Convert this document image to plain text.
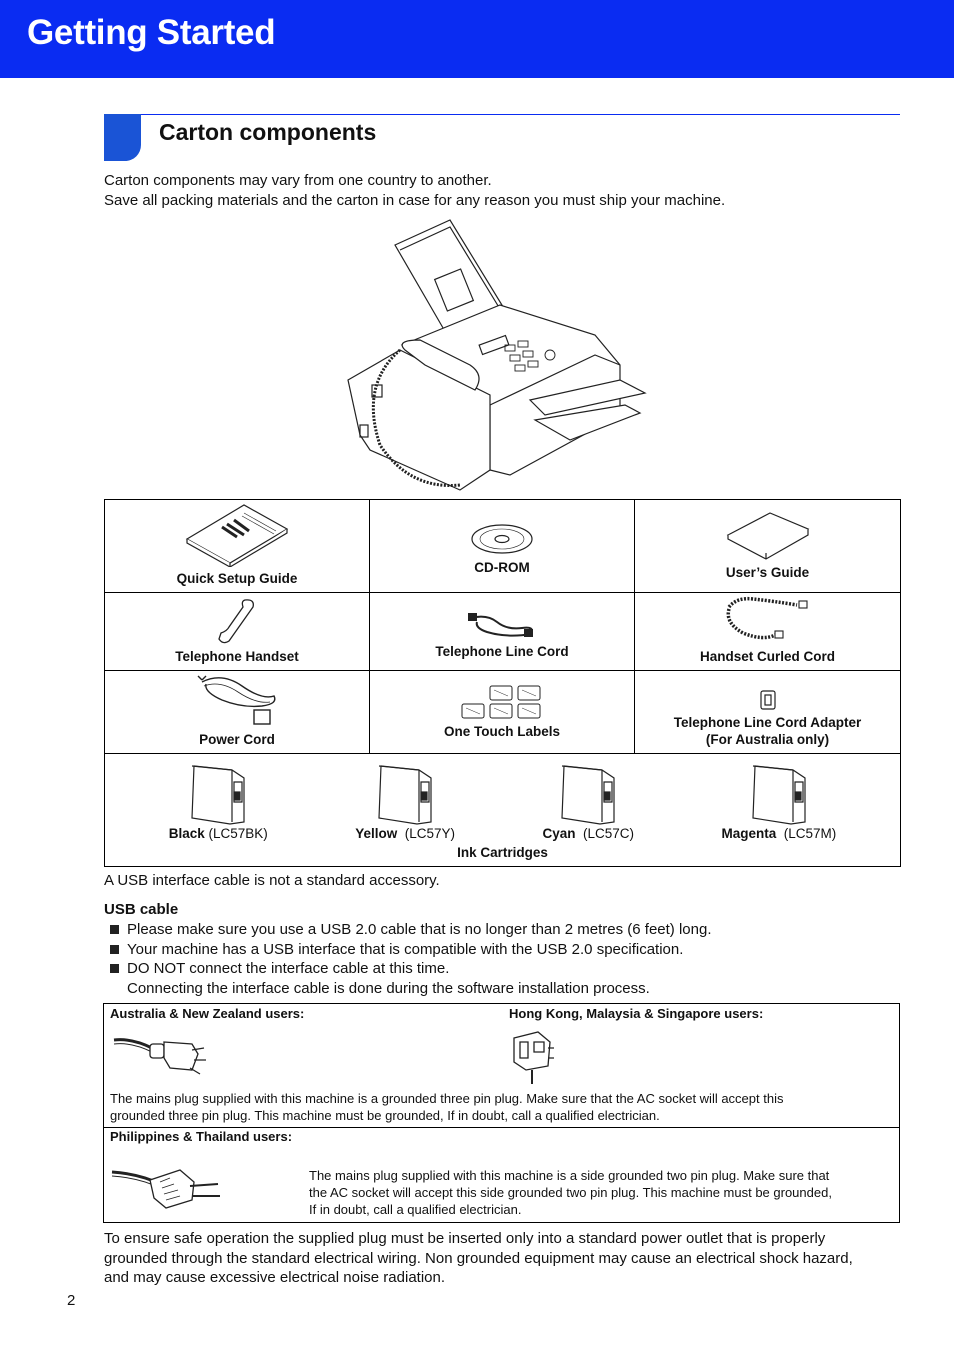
Getting Started
Carton components
Carton components may vary from one country to another.
Save all packing materials and the carton in case for any reason you must ship your machine.
Quick Setup Guide	CD-ROM	User’s Guide

Telephone Handset	Telephone Line Cord	Handset Curled Cord

Power Cord	One Touch Labels	Telephone Line Cord Adapter
(For Australia only)

Black (LC57BK) Yellow (LC57Y) Cyan (LC57C) Magenta (LC57M)
Ink Cartridges		
A USB interface cable is not a standard accessory.
USB cable
Please make sure you use a USB 2.0 cable that is no longer than 2 metres (6 feet) long.
Your machine has a USB interface that is compatible with the USB 2.0 specification.
DO NOT connect the interface cable at this time.
Connecting the interface cable is done during the software installation process.
Australia & New Zealand users:	Hong Kong, Malaysia & Singapore users:
The mains plug supplied with this machine is a grounded three pin plug. Make sure that the AC socket will accept this
grounded three pin plug. This machine must be grounded, If in doubt, call a qualified electrician.
Philippines & Thailand users:
The mains plug supplied with this machine is a side grounded two pin plug. Make sure that
the AC socket will accept this side grounded two pin plug. This machine must be grounded,
If in doubt, call a qualified electrician.
To ensure safe operation the supplied plug must be inserted only into a standard power outlet that is properly
grounded through the standard electrical wiring. Non grounded equipment may cause an electrical shock hazard,
and may cause excessive electrical noise radiation.
2
